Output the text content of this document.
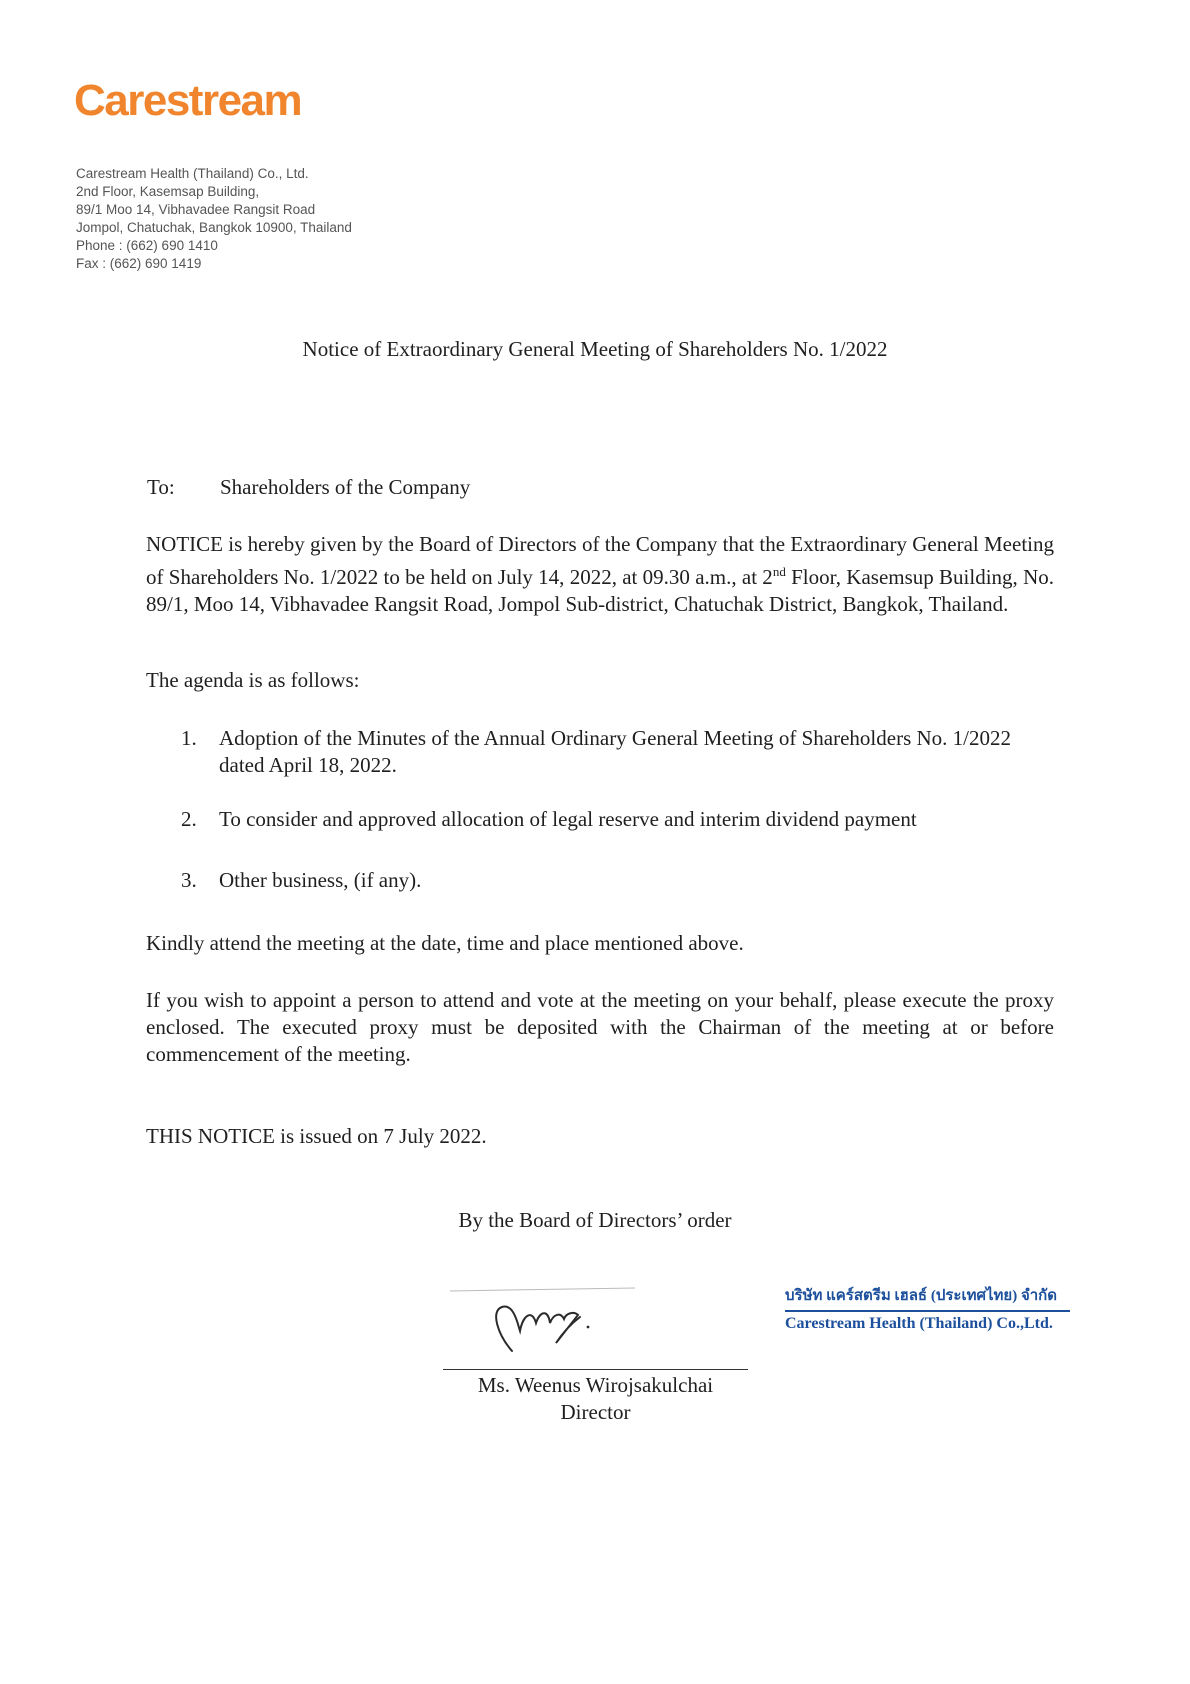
Carestream
Carestream Health (Thailand) Co., Ltd.
2nd Floor, Kasemsap Building,
89/1 Moo 14, Vibhavadee Rangsit Road
Jompol, Chatuchak, Bangkok 10900, Thailand
Phone : (662) 690 1410
Fax : (662) 690 1419
Notice of Extraordinary General Meeting of Shareholders No. 1/2022
To: Shareholders of the Company
NOTICE is hereby given by the Board of Directors of the Company that the Extraordinary General Meeting of Shareholders No. 1/2022 to be held on July 14, 2022, at 09.30 a.m., at 2nd Floor, Kasemsup Building, No. 89/1, Moo 14, Vibhavadee Rangsit Road, Jompol Sub-district, Chatuchak District, Bangkok, Thailand.
The agenda is as follows:
1. Adoption of the Minutes of the Annual Ordinary General Meeting of Shareholders No. 1/2022 dated April 18, 2022.
2. To consider and approved allocation of legal reserve and interim dividend payment
3. Other business, (if any).
Kindly attend the meeting at the date, time and place mentioned above.
If you wish to appoint a person to attend and vote at the meeting on your behalf, please execute the proxy enclosed. The executed proxy must be deposited with the Chairman of the meeting at or before commencement of the meeting.
THIS NOTICE is issued on 7 July 2022.
By the Board of Directors’ order
Ms. Weenus Wirojsakulchai
Director
บริษัท แคร์สตรีม เฮลธ์ (ประเทศไทย) จำกัด
Carestream Health (Thailand) Co.,Ltd.
